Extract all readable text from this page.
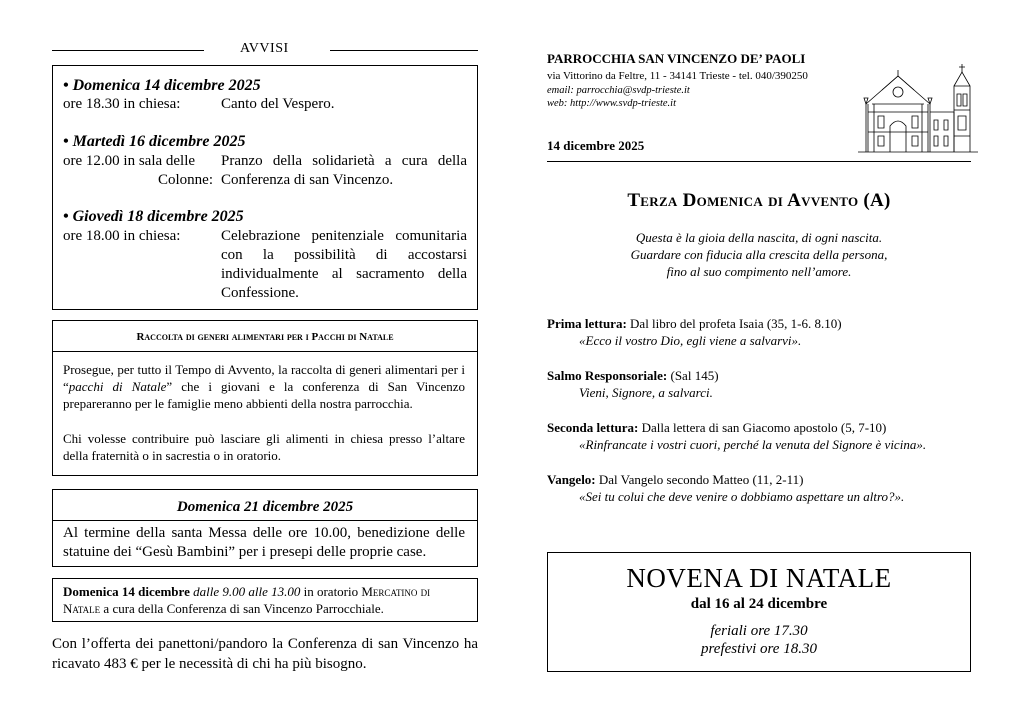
AVVISI
• Domenica 14 dicembre 2025
ore 18.30 in chiesa:	Canto del Vespero.
• Martedì 16 dicembre 2025
ore 12.00 in sala delle
Colonne:
Pranzo della solidarietà a cura della Conferenza di san Vincenzo.
• Giovedì 18 dicembre 2025
ore 18.00 in chiesa:	Celebrazione penitenziale comunitaria con la possibilità di accostarsi individualmente al sacramento della Confessione.
Raccolta di generi alimentari per i Pacchi di Natale
Prosegue, per tutto il Tempo di Avvento, la raccolta di generi alimentari per i “pacchi di Natale” che i giovani e la conferenza di San Vincenzo prepareranno per le famiglie meno abbienti della nostra parrocchia.
Chi volesse contribuire può lasciare gli alimenti in chiesa presso l’altare della fraternità o in sacrestia o in oratorio.
Domenica 21 dicembre 2025
Al termine della santa Messa delle ore 10.00, benedizione delle statuine dei “Gesù Bambini” per i presepi delle proprie case.
Domenica 14 dicembre dalle 9.00 alle 13.00 in oratorio Mercatino di Natale a cura della Conferenza di san Vincenzo Parrocchiale.
Con l’offerta dei panettoni/pandoro la Conferenza di san Vincenzo ha ricavato 483 € per le necessità di chi ha più bisogno.
PARROCCHIA SAN VINCENZO DE’ PAOLI
via Vittorino da Feltre, 11 - 34141 Trieste - tel. 040/390250
email: parrocchia@svdp-trieste.it
web: http://www.svdp-trieste.it
14 dicembre 2025
Terza Domenica di Avvento (A)
Questa è la gioia della nascita, di ogni nascita.
Guardare con fiducia alla crescita della persona,
fino al suo compimento nell’amore.
Prima lettura: Dal libro del profeta Isaia (35, 1-6. 8.10)
«Ecco il vostro Dio, egli viene a salvarvi».
Salmo Responsoriale: (Sal 145)
Vieni, Signore, a salvarci.
Seconda lettura: Dalla lettera di san Giacomo apostolo (5, 7-10)
«Rinfrancate i vostri cuori, perché la venuta del Signore è vicina».
Vangelo: Dal Vangelo secondo Matteo (11, 2-11)
«Sei tu colui che deve venire o dobbiamo aspettare un altro?».
NOVENA DI NATALE
dal 16 al 24 dicembre
feriali ore 17.30
prefestivi ore 18.30
